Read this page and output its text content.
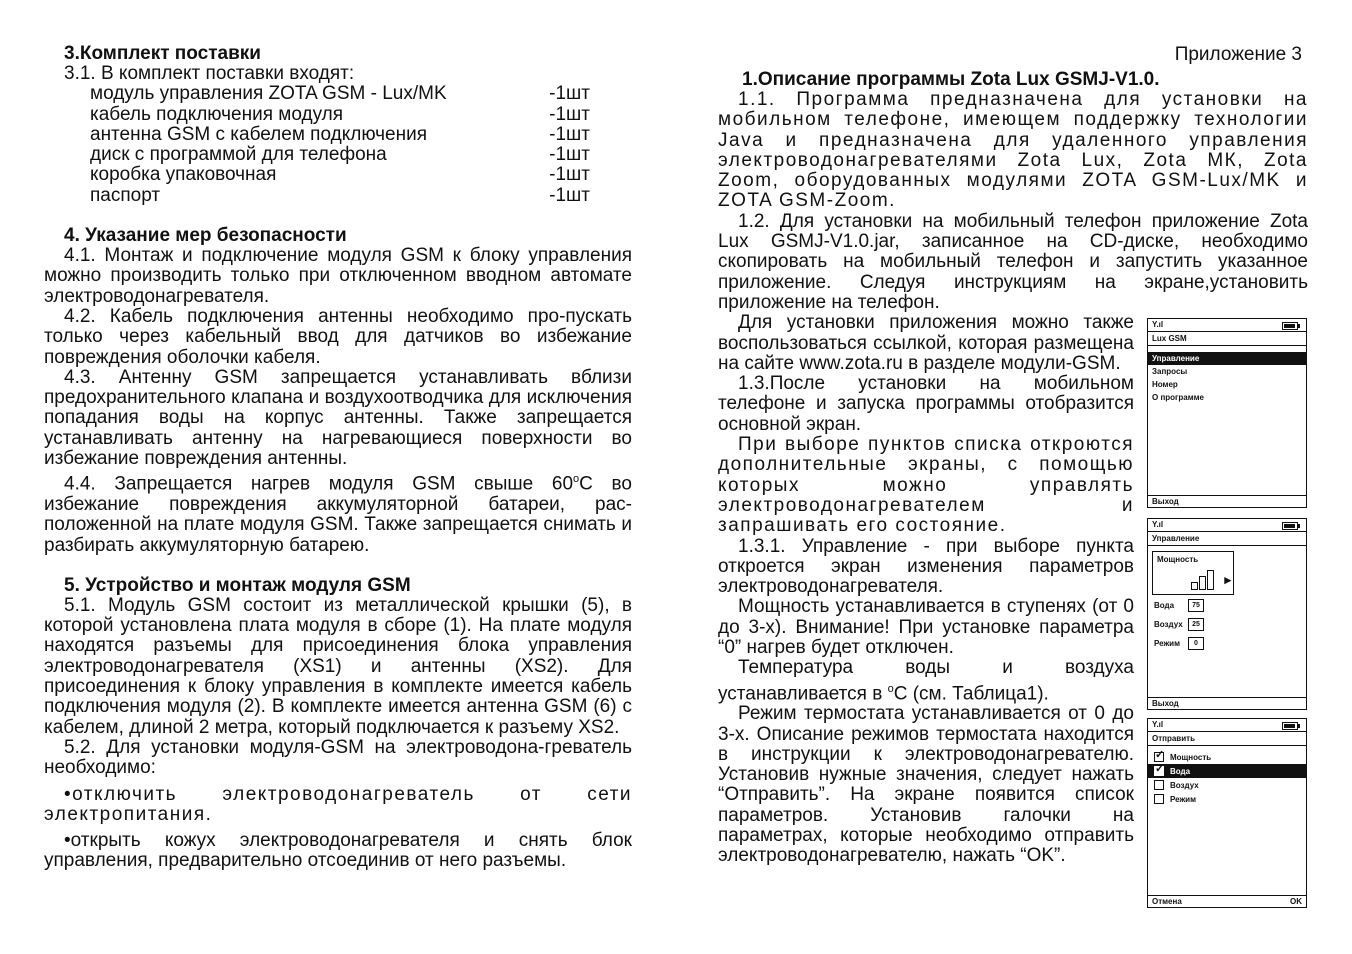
3.Комплект поставки

3.1. В комплект поставки входят:

модуль управления ZOTA GSM - Lux/MK	-1шт
кабель подключения модуля	-1шт
антенна GSM с кабелем подключения	-1шт
диск с программой для телефона	-1шт
коробка упаковочная	-1шт
паспорт	-1шт

4. Указание мер безопасности

4.1. Монтаж и подключение модуля GSM к блоку управления можно производить только при отключенном вводном автомате электроводонагревателя.

4.2. Кабель подключения антенны необходимо про-пускать только через кабельный ввод для датчиков во избежание повреждения оболочки кабеля.

4.3. Антенну GSM запрещается устанавливать вблизи предохранительного клапана и воздухоотводчика для исключения попадания воды на корпус антенны. Также запрещается устанавливать антенну на нагревающиеся поверхности во избежание повреждения антенны.

4.4. Запрещается нагрев модуля GSM свыше 60$^o$C во избежание повреждения аккумуляторной батареи, рас-положенной на плате модуля GSM. Также запрещается снимать и разбирать аккумуляторную батарею.

5. Устройство и монтаж модуля GSM

5.1. Модуль GSM состоит из металлической крышки (5), в которой установлена плата модуля в сборе (1). На плате модуля находятся разъемы для присоединения блока управления электроводонагревателя (XS1) и антенны (XS2). Для присоединения к блоку управления в комплекте имеется кабель подключения модуля (2). В комплекте имеется антенна GSM (6) с кабелем, длиной 2 метра, который подключается к разъему XS2.

5.2. Для установки модуля-GSM на электроводона-греватель необходимо:

•отключить электроводонагреватель от сети электропитания.

•открыть кожух электроводонагревателя и снять блок управления, предварительно отсоединив от него разъемы.

Приложение 3

1.Описание программы Zota Lux GSMJ-V1.0.

1.1. Программа предназначена для установки на мобильном телефоне, имеющем поддержку технологии Java и предназначена для удаленного управления электроводонагревателями Zota Lux, Zota МК, Zota Zoom, оборудованных модулями ZOTA GSM-Lux/MK и ZOTA GSM-Zoom.

1.2. Для установки на мобильный телефон приложение Zota Lux GSMJ-V1.0.jar, записанное на CD-диске, необходимо скопировать на мобильный телефон и запустить указанное приложение. Следуя инструкциям на экране,установить приложение на телефон.

Для установки приложения можно также воспользоваться ссылкой, которая размещена на сайте www.zota.ru в разделе модули-GSM.

1.3.После установки на мобильном телефоне и запуска программы отобразится основной экран.

При выборе пунктов списка откроются дополнительные экраны, с помощью которых можно управлять электроводонагревателем и запрашивать его состояние.

1.3.1. Управление - при выборе пункта откроется экран изменения параметров электроводонагревателя.

Мощность устанавливается в ступенях (от 0 до 3-х). Внимание! При установке параметра “0” нагрев будет отключен.

Температура воды и воздуха устанавливается в $^o$С (см. Таблица1).

Режим термостата устанавливается от 0 до 3-х. Описание режимов термостата находится в инструкции к электроводонагревателю. Установив нужные значения, следует нажать “Отправить”. На экране появится список параметров. Установив галочки на параметрах, которые необходимо отправить электроводонагревателю, нажать “OK”.

Y.ıl
Lux GSM
Управление
Запросы
Номер
О программе
Выход
Y.ıl
Управление
Мощность
▸
Вода	75
Воздух	25
Режим	0
Выход
Y.ıl
Отправить
✓
Мощность
✓
Вода
Воздух
Режим
Отмена	OK
